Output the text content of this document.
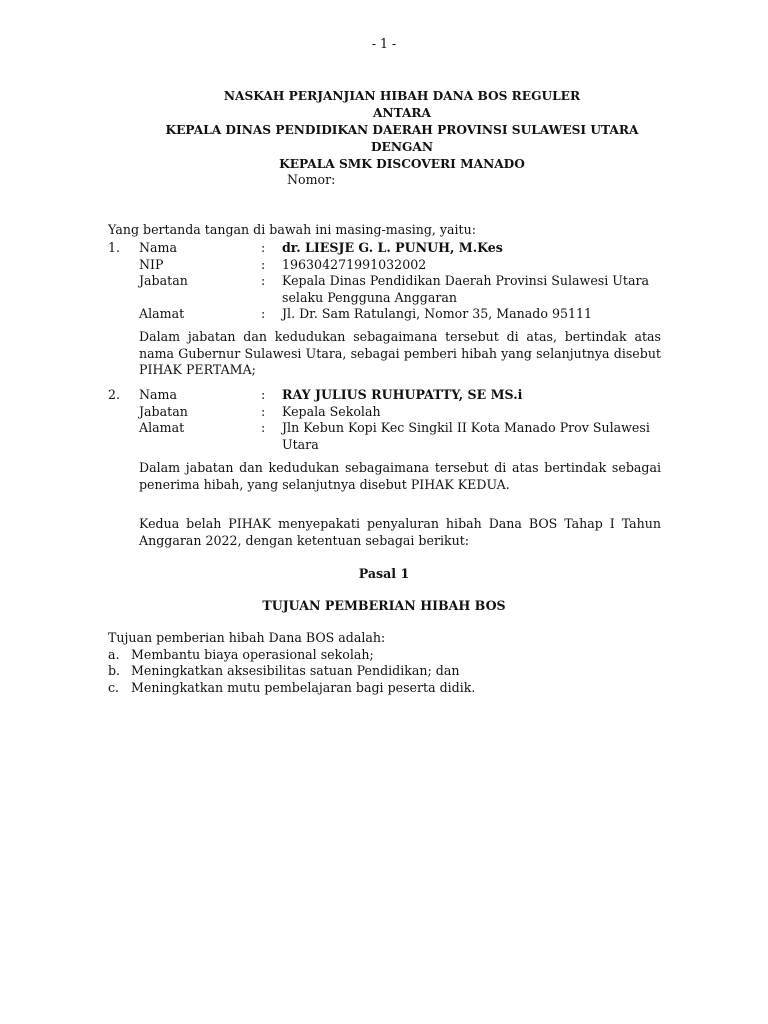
- 1 -
NASKAH PERJANJIAN HIBAH DANA BOS REGULER
ANTARA
KEPALA DINAS PENDIDIKAN DAERAH PROVINSI SULAWESI UTARA
DENGAN
KEPALA SMK DISCOVERI MANADO
Nomor:
Yang bertanda tangan di bawah ini masing-masing, yaitu:
1. Nama	: dr. LIESJE G. L. PUNUH, M.Kes
NIP	: 196304271991032002
Jabatan	: Kepala Dinas Pendidikan Daerah Provinsi Sulawesi Utara selaku Pengguna Anggaran
Alamat	: Jl. Dr. Sam Ratulangi, Nomor 35, Manado 95111
Dalam jabatan dan kedudukan sebagaimana tersebut di atas, bertindak atas nama Gubernur Sulawesi Utara, sebagai pemberi hibah yang selanjutnya disebut PIHAK PERTAMA;
2. Nama	: RAY JULIUS RUHUPATTY, SE MS.i
Jabatan	: Kepala Sekolah
Alamat	: Jln Kebun Kopi Kec Singkil II Kota Manado Prov Sulawesi Utara
Dalam jabatan dan kedudukan sebagaimana tersebut di atas bertindak sebagai penerima hibah, yang selanjutnya disebut PIHAK KEDUA.
Kedua belah PIHAK menyepakati penyaluran hibah Dana BOS Tahap I Tahun Anggaran 2022, dengan ketentuan sebagai berikut:
Pasal 1
TUJUAN PEMBERIAN HIBAH BOS
Tujuan pemberian hibah Dana BOS adalah:
a. Membantu biaya operasional sekolah;
b. Meningkatkan aksesibilitas satuan Pendidikan; dan
c. Meningkatkan mutu pembelajaran bagi peserta didik.
